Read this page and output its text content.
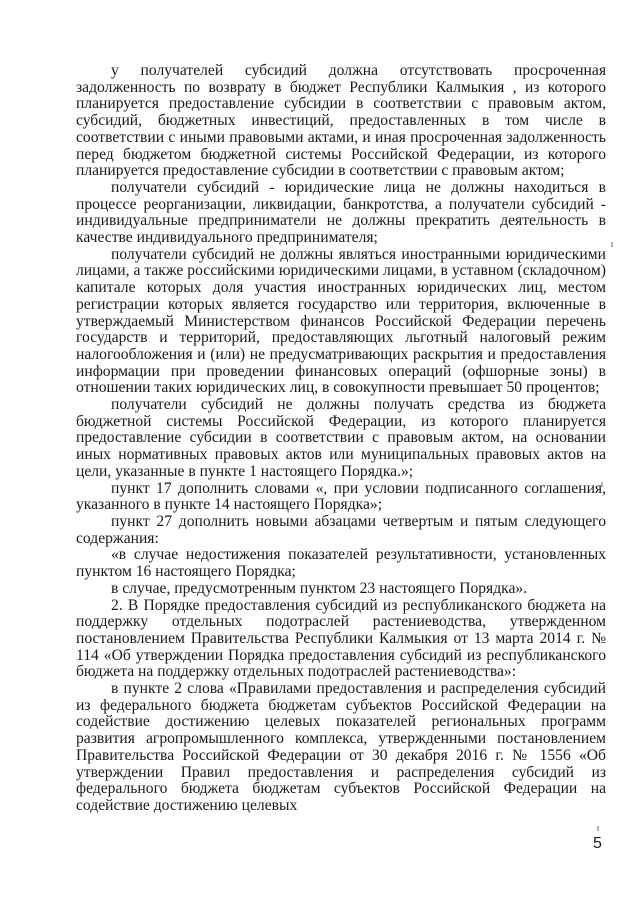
у получателей субсидий должна отсутствовать просроченная задолженность по возврату в бюджет Республики Калмыкия , из которого планируется предоставление субсидии в соответствии с правовым актом, субсидий, бюджетных инвестиций, предоставленных в том числе в соответствии с иными правовыми актами, и иная просроченная задолженность перед бюджетом бюджетной системы Российской Федерации, из которого планируется предоставление субсидии в соответствии с правовым актом;

получатели субсидий - юридические лица не должны находиться в процессе реорганизации, ликвидации, банкротства, а получатели субсидий - индивидуальные предприниматели не должны прекратить деятельность в качестве индивидуального предпринимателя;

получатели субсидий не должны являться иностранными юридическими лицами, а также российскими юридическими лицами, в уставном (складочном) капитале которых доля участия иностранных юридических лиц, местом регистрации которых является государство или территория, включенные в утверждаемый Министерством финансов Российской Федерации перечень государств и территорий, предоставляющих льготный налоговый режим налогообложения и (или) не предусматривающих раскрытия и предоставления информации при проведении финансовых операций (офшорные зоны) в отношении таких юридических лиц, в совокупности превышает 50 процентов;

получатели субсидий не должны получать средства из бюджета бюджетной системы Российской Федерации, из которого планируется предоставление субсидии в соответствии с правовым актом, на основании иных нормативных правовых актов или муниципальных правовых актов на цели, указанные в пункте 1 настоящего Порядка.»;

пункт 17 дополнить словами «, при условии подписанного соглашения, указанного в пункте 14 настоящего Порядка»;

пункт 27 дополнить новыми абзацами четвертым и пятым следующего содержания:

«в случае недостижения показателей результативности, установленных пунктом 16 настоящего Порядка;

в случае, предусмотренным пунктом 23 настоящего Порядка».

2. В Порядке предоставления субсидий из республиканского бюджета на поддержку отдельных подотраслей растениеводства, утвержденном постановлением Правительства Республики Калмыкия от 13 марта 2014 г. № 114 «Об утверждении Порядка предоставления субсидий из республиканского бюджета на поддержку отдельных подотраслей растениеводства»:

в пункте 2 слова «Правилами предоставления и распределения субсидий из федерального бюджета бюджетам субъектов Российской Федерации на содействие достижению целевых показателей региональных программ развития агропромышленного комплекса, утвержденными постановлением Правительства Российской Федерации от 30 декабря 2016 г. № 1556 «Об утверждении Правил предоставления и распределения субсидий из федерального бюджета бюджетам субъектов Российской Федерации на содействие достижению целевых

5
